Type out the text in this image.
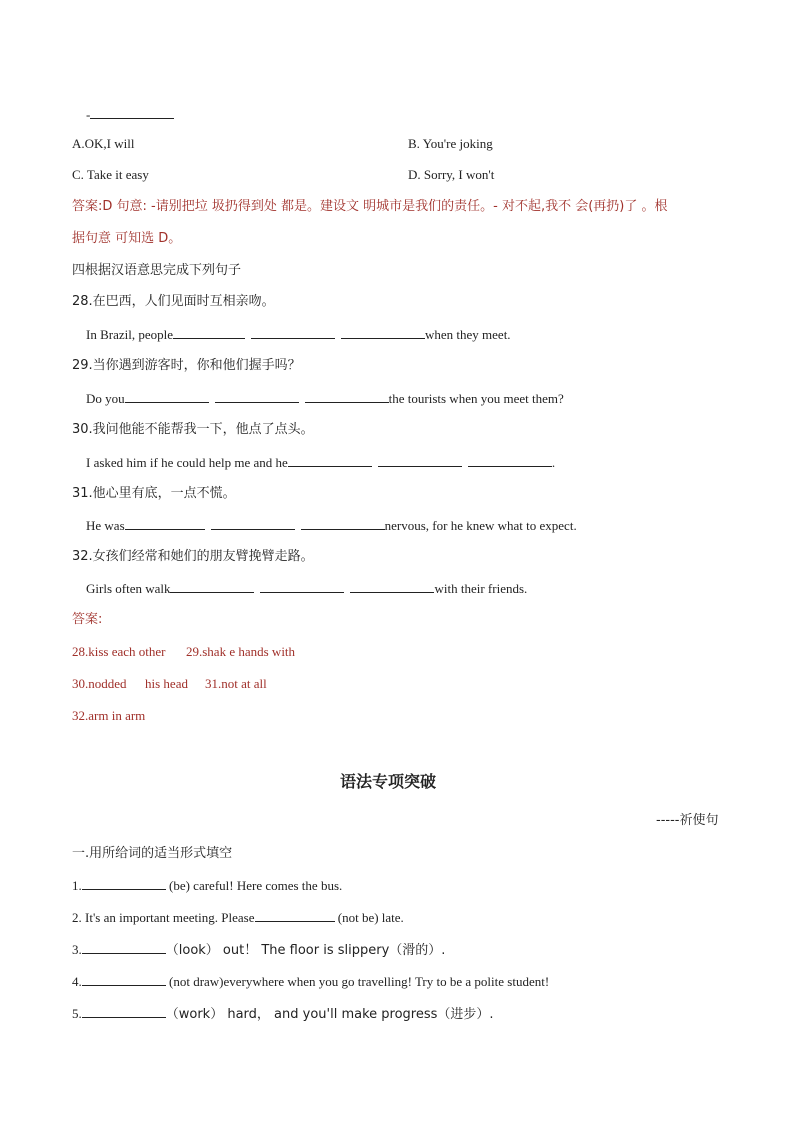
-
A.OK,I will	B. You're joking
C. Take it easy	D. Sorry, I won't
答案:D 句意: -请别把垃 圾扔得到处 都是。建设文 明城市是我们的责任。- 对不起,我不 会(再扔)了 。根
据句意 可知选 D。
四根据汉语意思完成下列句子
28.在巴西，人们见面时互相亲吻。
In Brazil, people	when they meet.
29.当你遇到游客时，你和他们握手吗？
Do you	the tourists when you meet them?
30.我问他能不能帮我一下，他点了点头。
I asked him if he could help me and he	.
31.他心里有底，一点不慌。
He was	nervous, for he knew what to expect.
32.女孩们经常和她们的朋友臂挽臂走路。
Girls often walk	with their friends.
答案:
28.kiss each other 29.shak e hands with
30.nodded his head 31.not at all
32.arm in arm
语法专项突破
-----祈使句
一.用所给词的适当形式填空
1.	(be) careful! Here comes the bus.
2. It's an important meeting. Please	(not be) late.
3.	（look） out！ The floor is slippery（滑的）.
4.	(not draw)everywhere when you go travelling! Try to be a polite student!
5.	（work） hard， and you'll make progress（进步）.
